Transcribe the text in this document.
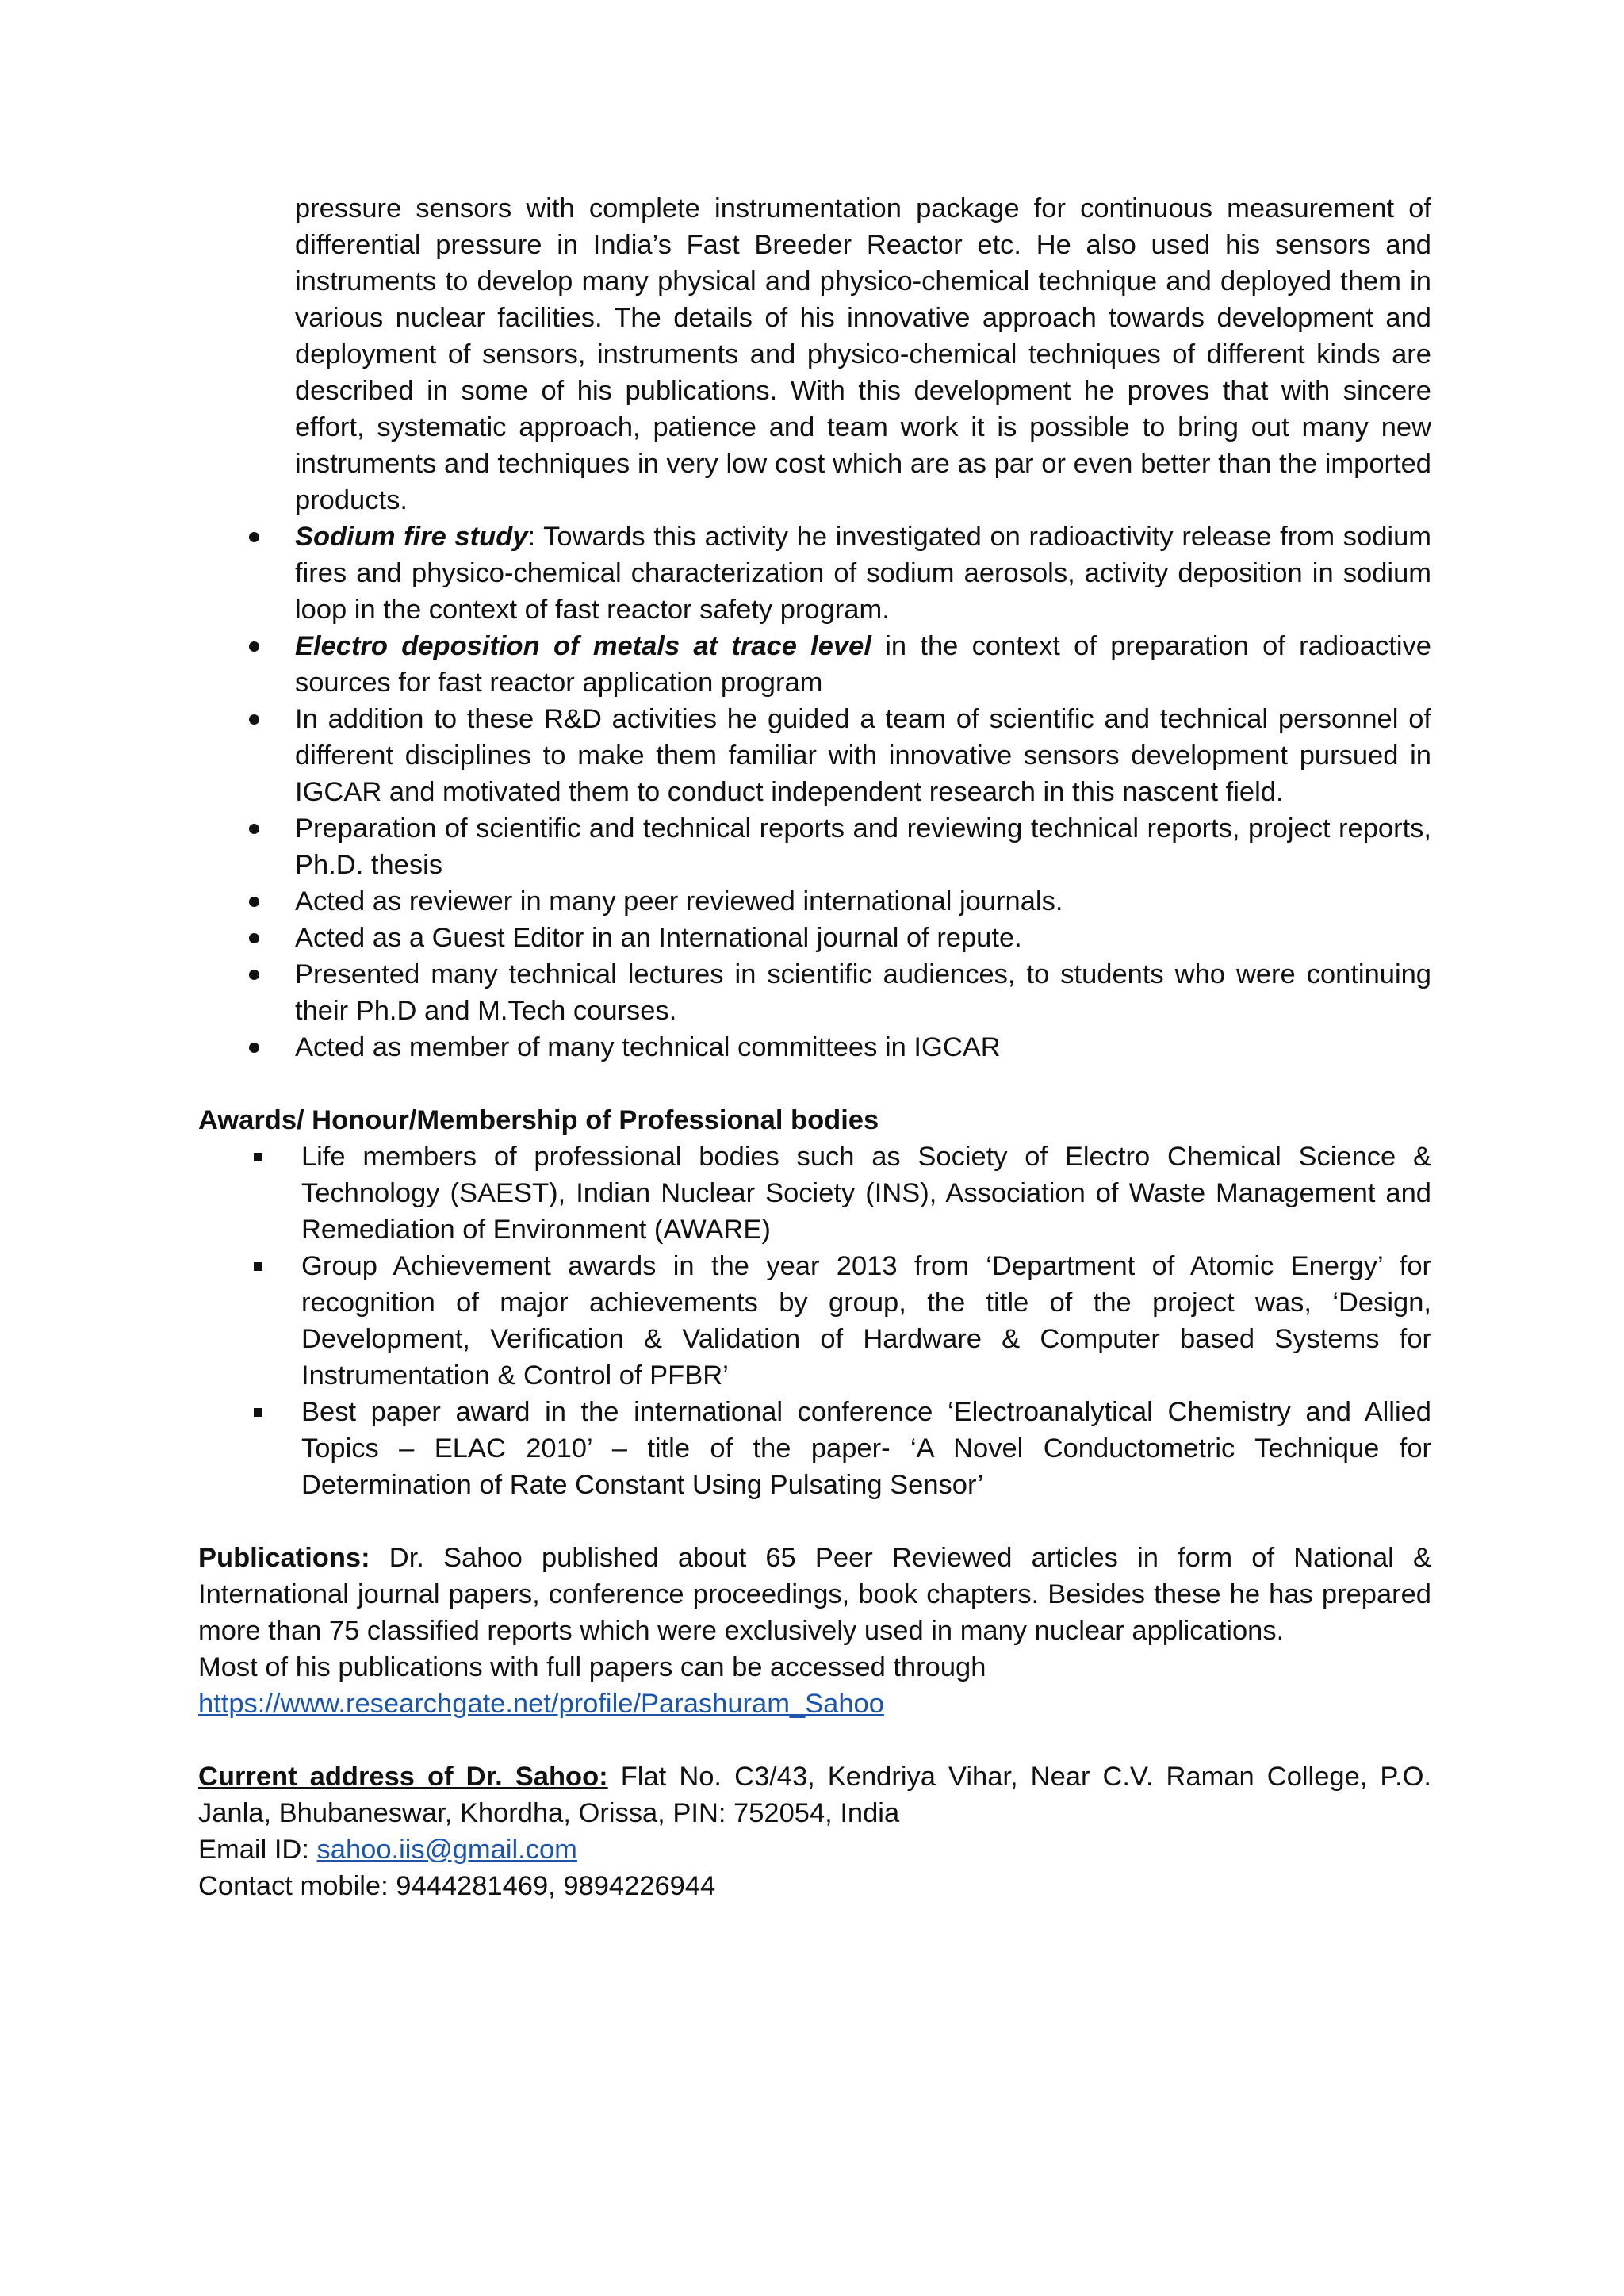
pressure sensors with complete instrumentation package for continuous measurement of differential pressure in India’s Fast Breeder Reactor etc. He also used his sensors and instruments to develop many physical and physico-chemical technique and deployed them in various nuclear facilities. The details of his innovative approach towards development and deployment of sensors, instruments and physico-chemical techniques of different kinds are described in some of his publications. With this development he proves that with sincere effort, systematic approach, patience and team work it is possible to bring out many new instruments and techniques in very low cost which are as par or even better than the imported products.

Sodium fire study: Towards this activity he investigated on radioactivity release from sodium fires and physico-chemical characterization of sodium aerosols, activity deposition in sodium loop in the context of fast reactor safety program.
Electro deposition of metals at trace level in the context of preparation of radioactive sources for fast reactor application program
In addition to these R&D activities he guided a team of scientific and technical personnel of different disciplines to make them familiar with innovative sensors development pursued in IGCAR and motivated them to conduct independent research in this nascent field.
Preparation of scientific and technical reports and reviewing technical reports, project reports, Ph.D. thesis
Acted as reviewer in many peer reviewed international journals.
Acted as a Guest Editor in an International journal of repute.
Presented many technical lectures in scientific audiences, to students who were continuing their Ph.D and M.Tech courses.
Acted as member of many technical committees in IGCAR

Awards/ Honour/Membership of Professional bodies

Life members of professional bodies such as Society of Electro Chemical Science & Technology (SAEST), Indian Nuclear Society (INS), Association of Waste Management and Remediation of Environment (AWARE)
Group Achievement awards in the year 2013 from ‘Department of Atomic Energy’ for recognition of major achievements by group, the title of the project was, ‘Design, Development, Verification & Validation of Hardware & Computer based Systems for Instrumentation & Control of PFBR’
Best paper award in the international conference ‘Electroanalytical Chemistry and Allied Topics – ELAC 2010’ – title of the paper- ‘A Novel Conductometric Technique for Determination of Rate Constant Using Pulsating Sensor’

Publications: Dr. Sahoo published about 65 Peer Reviewed articles in form of National & International journal papers, conference proceedings, book chapters. Besides these he has prepared more than 75 classified reports which were exclusively used in many nuclear applications.

Most of his publications with full papers can be accessed through

https://www.researchgate.net/profile/Parashuram_Sahoo

Current address of Dr. Sahoo: Flat No. C3/43, Kendriya Vihar, Near C.V. Raman College, P.O. Janla, Bhubaneswar, Khordha, Orissa, PIN: 752054, India

Email ID: sahoo.iis@gmail.com

Contact mobile: 9444281469, 9894226944
